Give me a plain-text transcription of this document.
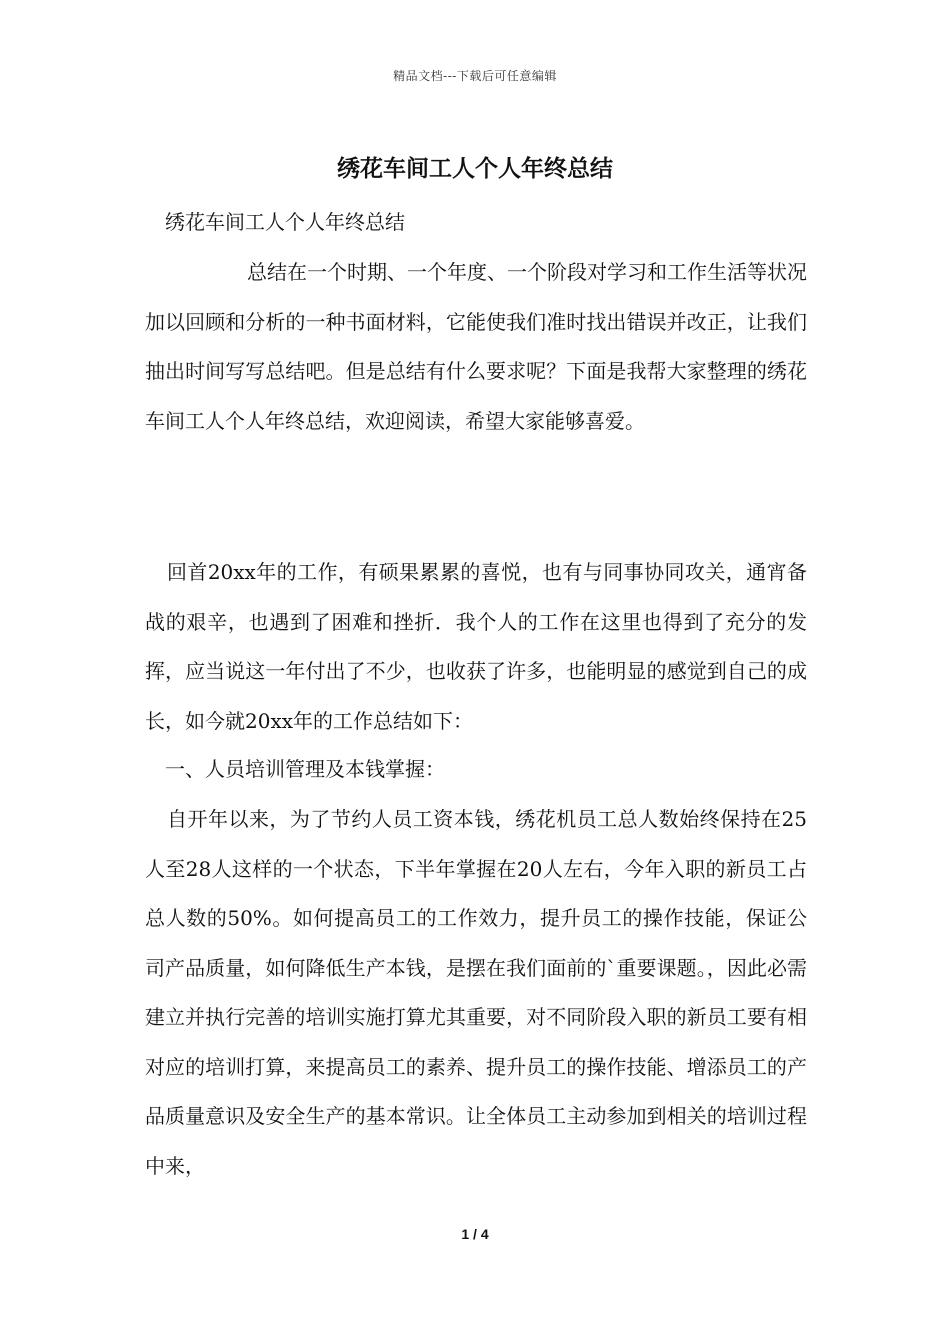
精品文档---下载后可任意编辑
绣花车间工人个人年终总结

绣花车间工人个人年终总结

总结在一个时期、一个年度、一个阶段对学习和工作生活等状况加以回顾和分析的一种书面材料，它能使我们准时找出错误并改正，让我们抽出时间写写总结吧。但是总结有什么要求呢？下面是我帮大家整理的绣花车间工人个人年终总结，欢迎阅读，希望大家能够喜爱。

回首20xx年的工作，有硕果累累的喜悦，也有与同事协同攻关，通宵备战的艰辛，也遇到了困难和挫折．我个人的工作在这里也得到了充分的发挥，应当说这一年付出了不少，也收获了许多，也能明显的感觉到自己的成长，如今就20xx年的工作总结如下：

一、人员培训管理及本钱掌握：

自开年以来，为了节约人员工资本钱，绣花机员工总人数始终保持在25人至28人这样的一个状态，下半年掌握在20人左右，今年入职的新员工占总人数的50%。如何提高员工的工作效力，提升员工的操作技能，保证公司产品质量，如何降低生产本钱，是摆在我们面前的`重要课题。，因此必需建立并执行完善的培训实施打算尤其重要，对不同阶段入职的新员工要有相对应的培训打算，来提高员工的素养、提升员工的操作技能、增添员工的产品质量意识及安全生产的基本常识。让全体员工主动参加到相关的培训过程中来，

1 / 4
